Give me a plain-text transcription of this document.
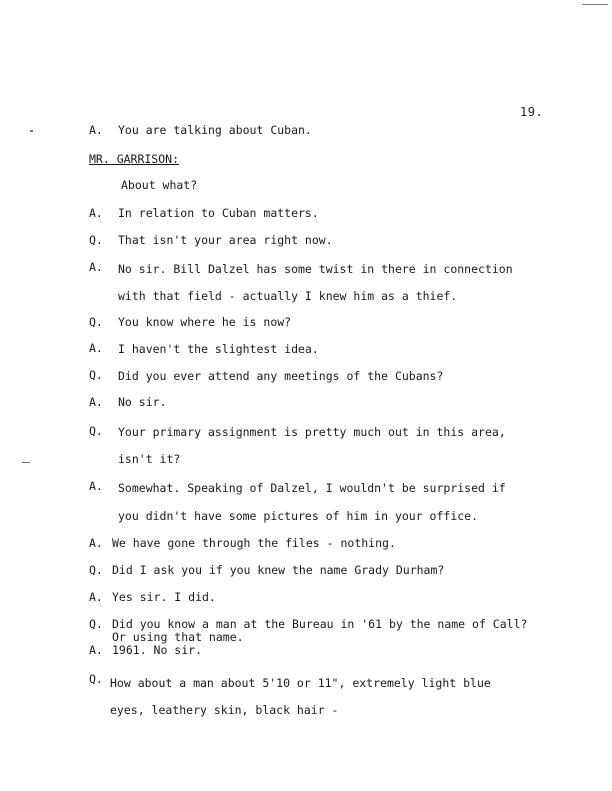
19.
A. You are talking about Cuban.
MR. GARRISON:
About what?
A. In relation to Cuban matters.
Q. That isn't your area right now.
A. No sir. Bill Dalzel has some twist in there in connection
with that field - actually I knew him as a thief.
Q. You know where he is now?
A. I haven't the slightest idea.
Q. Did you ever attend any meetings of the Cubans?
A. No sir.
Q. Your primary assignment is pretty much out in this area,
isn't it?
A. Somewhat. Speaking of Dalzel, I wouldn't be surprised if
you didn't have some pictures of him in your office.
A. We have gone through the files - nothing.
Q. Did I ask you if you knew the name Grady Durham?
A. Yes sir. I did.
Q. Did you know a man at the Bureau in '61 by the name of Call?
Or using that name.
A. 1961. No sir.
Q. How about a man about 5'10 or 11", extremely light blue
eyes, leathery skin, black hair -
